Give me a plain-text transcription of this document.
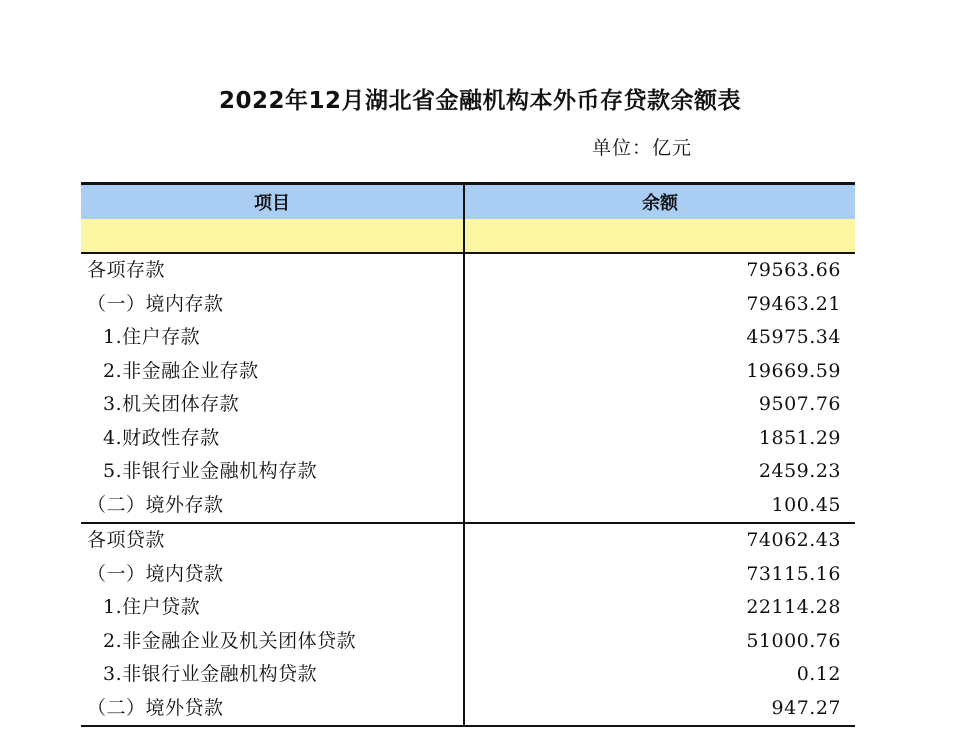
2022年12月湖北省金融机构本外币存贷款余额表
单位：亿元
项目	余额
各项存款
（一）境内存款
1.住户存款
2.非金融企业存款
3.机关团体存款
4.财政性存款
5.非银行业金融机构存款
（二）境外存款
79563.66
79463.21
45975.34
19669.59
9507.76
1851.29
2459.23
100.45
各项贷款
（一）境内贷款
1.住户贷款
2.非金融企业及机关团体贷款
3.非银行业金融机构贷款
（二）境外贷款
74062.43
73115.16
22114.28
51000.76
0.12
947.27
